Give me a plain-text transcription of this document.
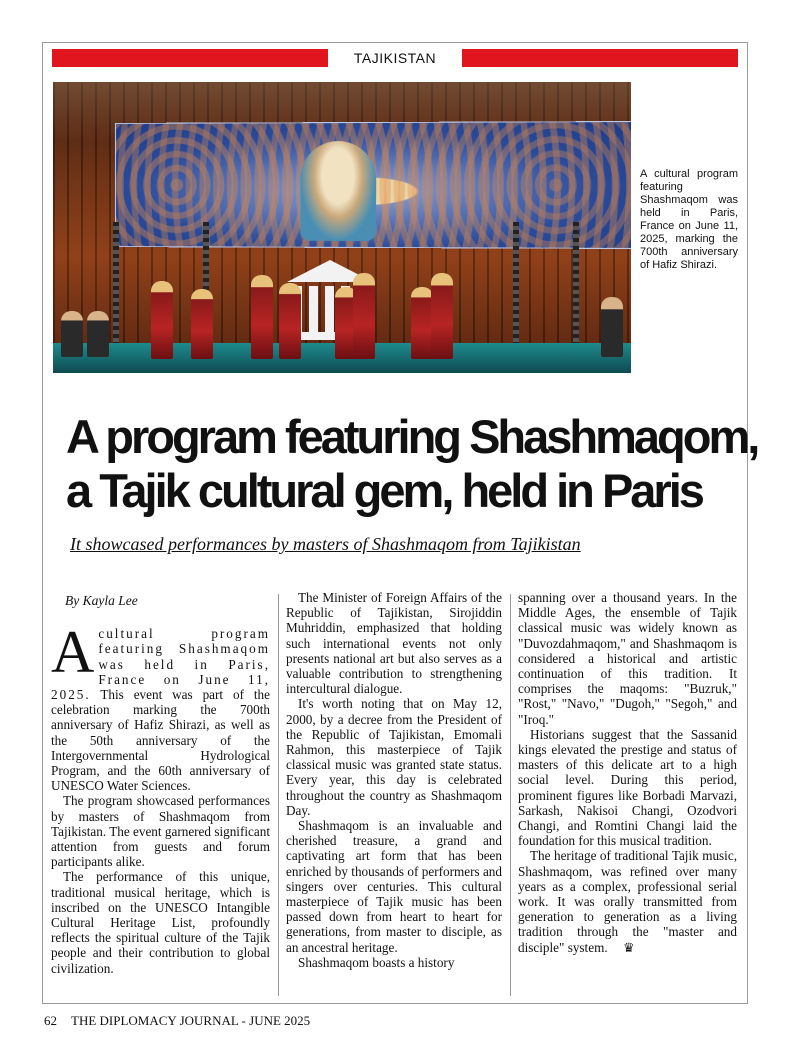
TAJIKISTAN
A cultural program featuring Shashmaqom was held in Paris, France on June 11, 2025, marking the 700th anniversary of Hafiz Shirazi.
A program featuring Shashmaqom,
a Tajik cultural gem, held in Paris
It showcased performances by masters of Shashmaqom from Tajikistan
By Kayla Lee

Acultural program featuring Shashmaqom was held in Paris, France on June 11, 2025. This event was part of the celebration marking the 700th anniversary of Hafiz Shirazi, as well as the 50th anniversary of the Intergovernmental Hydrological Program, and the 60th anniversary of UNESCO Water Sciences.

The program showcased performances by masters of Shashmaqom from Tajikistan. The event garnered significant attention from guests and forum participants alike.

The performance of this unique, traditional musical heritage, which is inscribed on the UNESCO Intangible Cultural Heritage List, profoundly reflects the spiritual culture of the Tajik people and their contribution to global civilization.

The Minister of Foreign Affairs of the Republic of Tajikistan, Sirojiddin Muhriddin, emphasized that holding such international events not only presents national art but also serves as a valuable contribution to strengthening intercultural dialogue.

It's worth noting that on May 12, 2000, by a decree from the President of the Republic of Tajikistan, Emomali Rahmon, this masterpiece of Tajik classical music was granted state status. Every year, this day is celebrated throughout the country as Shashmaqom Day.

Shashmaqom is an invaluable and cherished treasure, a grand and captivating art form that has been enriched by thousands of performers and singers over centuries. This cultural masterpiece of Tajik music has been passed down from heart to heart for generations, from master to disciple, as an ancestral heritage.

Shashmaqom boasts a history

spanning over a thousand years. In the Middle Ages, the ensemble of Tajik classical music was widely known as "Duvozdahmaqom," and Shashmaqom is considered a historical and artistic continuation of this tradition. It comprises the maqoms: "Buzruk," "Rost," "Navo," "Dugoh," "Segoh," and "Iroq."

Historians suggest that the Sassanid kings elevated the prestige and status of masters of this delicate art to a high social level. During this period, prominent figures like Borbadi Marvazi, Sarkash, Nakisoi Changi, Ozodvori Changi, and Romtini Changi laid the foundation for this musical tradition.

The heritage of traditional Tajik music, Shashmaqom, was refined over many years as a complex, professional serial work. It was orally transmitted from generation to generation as a living tradition through the "master and disciple" system. ♛

62 THE DIPLOMACY JOURNAL - JUNE 2025
